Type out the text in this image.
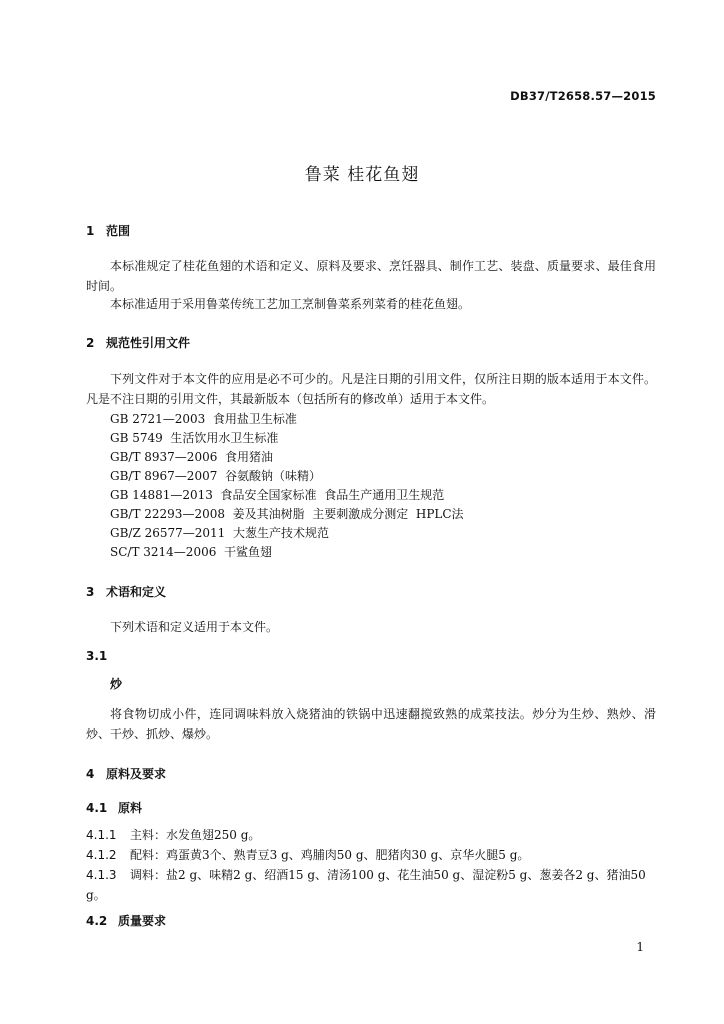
DB37/T2658.57—2015
鲁菜 桂花鱼翅
1 范围
本标准规定了桂花鱼翅的术语和定义、原料及要求、烹饪器具、制作工艺、装盘、质量要求、最佳食用时间。
本标准适用于采用鲁菜传统工艺加工烹制鲁菜系列菜肴的桂花鱼翅。
2 规范性引用文件
下列文件对于本文件的应用是必不可少的。凡是注日期的引用文件，仅所注日期的版本适用于本文件。凡是不注日期的引用文件，其最新版本（包括所有的修改单）适用于本文件。
GB 2721—2003  食用盐卫生标准
GB 5749  生活饮用水卫生标准
GB/T 8937—2006  食用猪油
GB/T 8967—2007  谷氨酸钠（味精）
GB 14881—2013  食品安全国家标准  食品生产通用卫生规范
GB/T 22293—2008  姜及其油树脂  主要刺激成分测定  HPLC法
GB/Z 26577—2011  大葱生产技术规范
SC/T 3214—2006  干鲨鱼翅
3 术语和定义
下列术语和定义适用于本文件。
3.1
炒
将食物切成小件，连同调味料放入烧猪油的铁锅中迅速翻搅致熟的成菜技法。炒分为生炒、熟炒、滑炒、干炒、抓炒、爆炒。
4 原料及要求
4.1 原料
4.1.1 主料：水发鱼翅250 g。
4.1.2 配料：鸡蛋黄3个、熟青豆3 g、鸡脯肉50 g、肥猪肉30 g、京华火腿5 g。
4.1.3 调料：盐2 g、味精2 g、绍酒15 g、清汤100 g、花生油50 g、湿淀粉5 g、葱姜各2 g、猪油50 g。
4.2 质量要求
1
